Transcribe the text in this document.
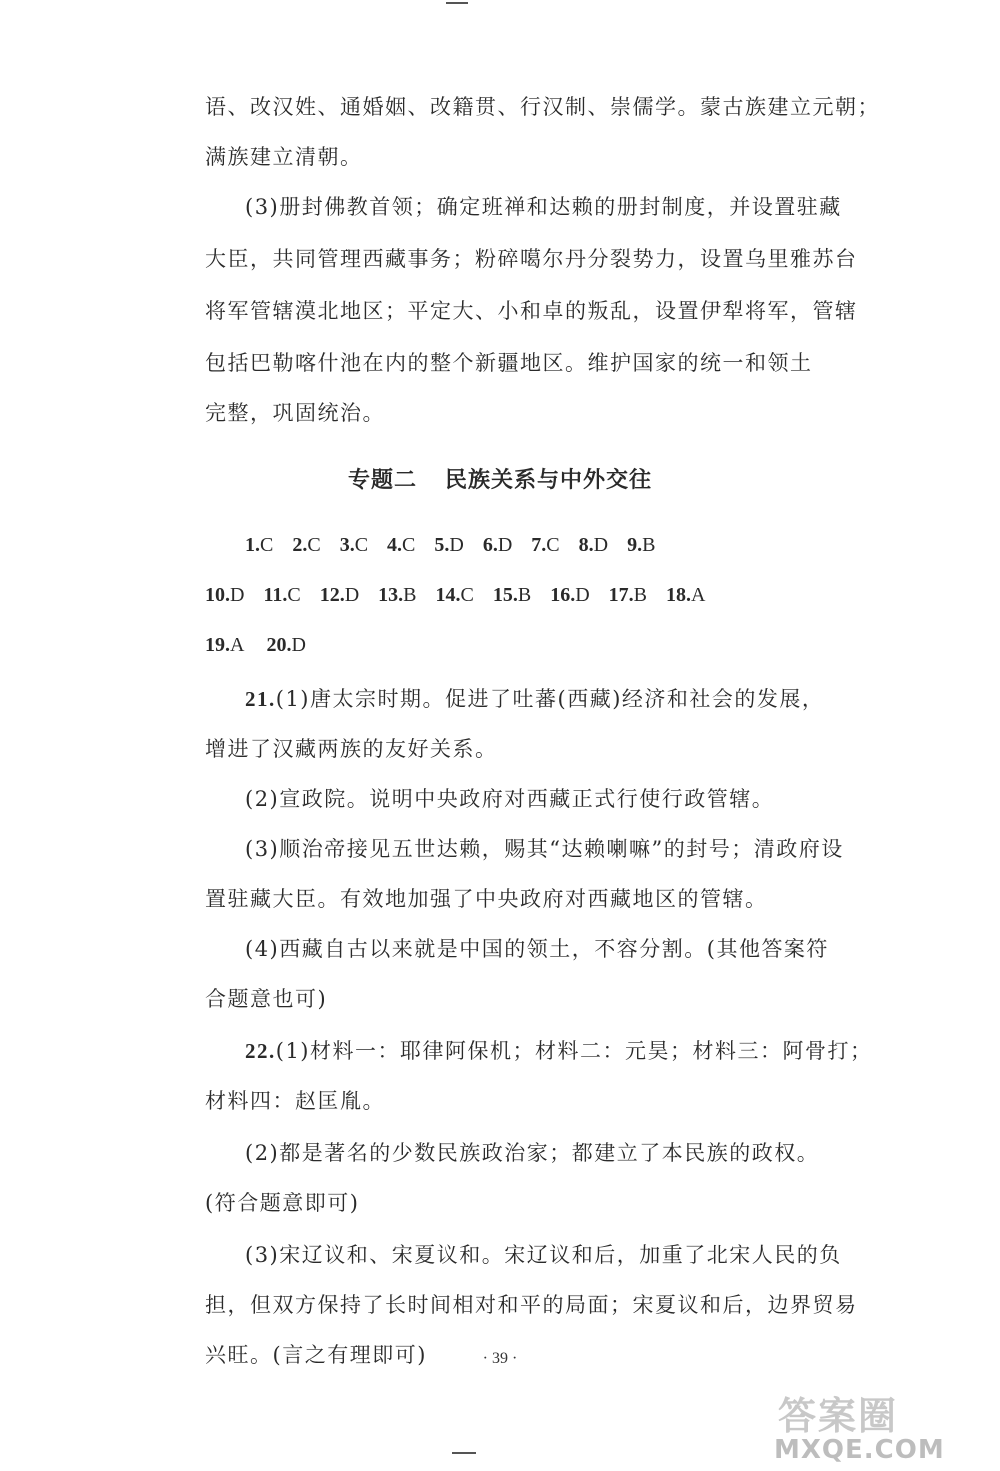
语、改汉姓、通婚姻、改籍贯、行汉制、崇儒学。蒙古族建立元朝；
满族建立清朝。
(3)册封佛教首领；确定班禅和达赖的册封制度，并设置驻藏
大臣，共同管理西藏事务；粉碎噶尔丹分裂势力，设置乌里雅苏台
将军管辖漠北地区；平定大、小和卓的叛乱，设置伊犁将军，管辖
包括巴勒喀什池在内的整个新疆地区。维护国家的统一和领土
完整，巩固统治。
专题二 民族关系与中外交往
1.C 2.C 3.C 4.C 5.D 6.D 7.C 8.D 9.B
10.D 11.C 12.D 13.B 14.C 15.B 16.D 17.B 18.A
19.A 20.D
21.(1)唐太宗时期。促进了吐蕃(西藏)经济和社会的发展，
增进了汉藏两族的友好关系。
(2)宣政院。说明中央政府对西藏正式行使行政管辖。
(3)顺治帝接见五世达赖，赐其“达赖喇嘛”的封号；清政府设
置驻藏大臣。有效地加强了中央政府对西藏地区的管辖。
(4)西藏自古以来就是中国的领土，不容分割。(其他答案符
合题意也可)
22.(1)材料一：耶律阿保机；材料二：元昊；材料三：阿骨打；
材料四：赵匡胤。
(2)都是著名的少数民族政治家；都建立了本民族的政权。
(符合题意即可)
(3)宋辽议和、宋夏议和。宋辽议和后，加重了北宋人民的负
担，但双方保持了长时间相对和平的局面；宋夏议和后，边界贸易
兴旺。(言之有理即可)	· 39 ·
答案圈
MXQE.COM
